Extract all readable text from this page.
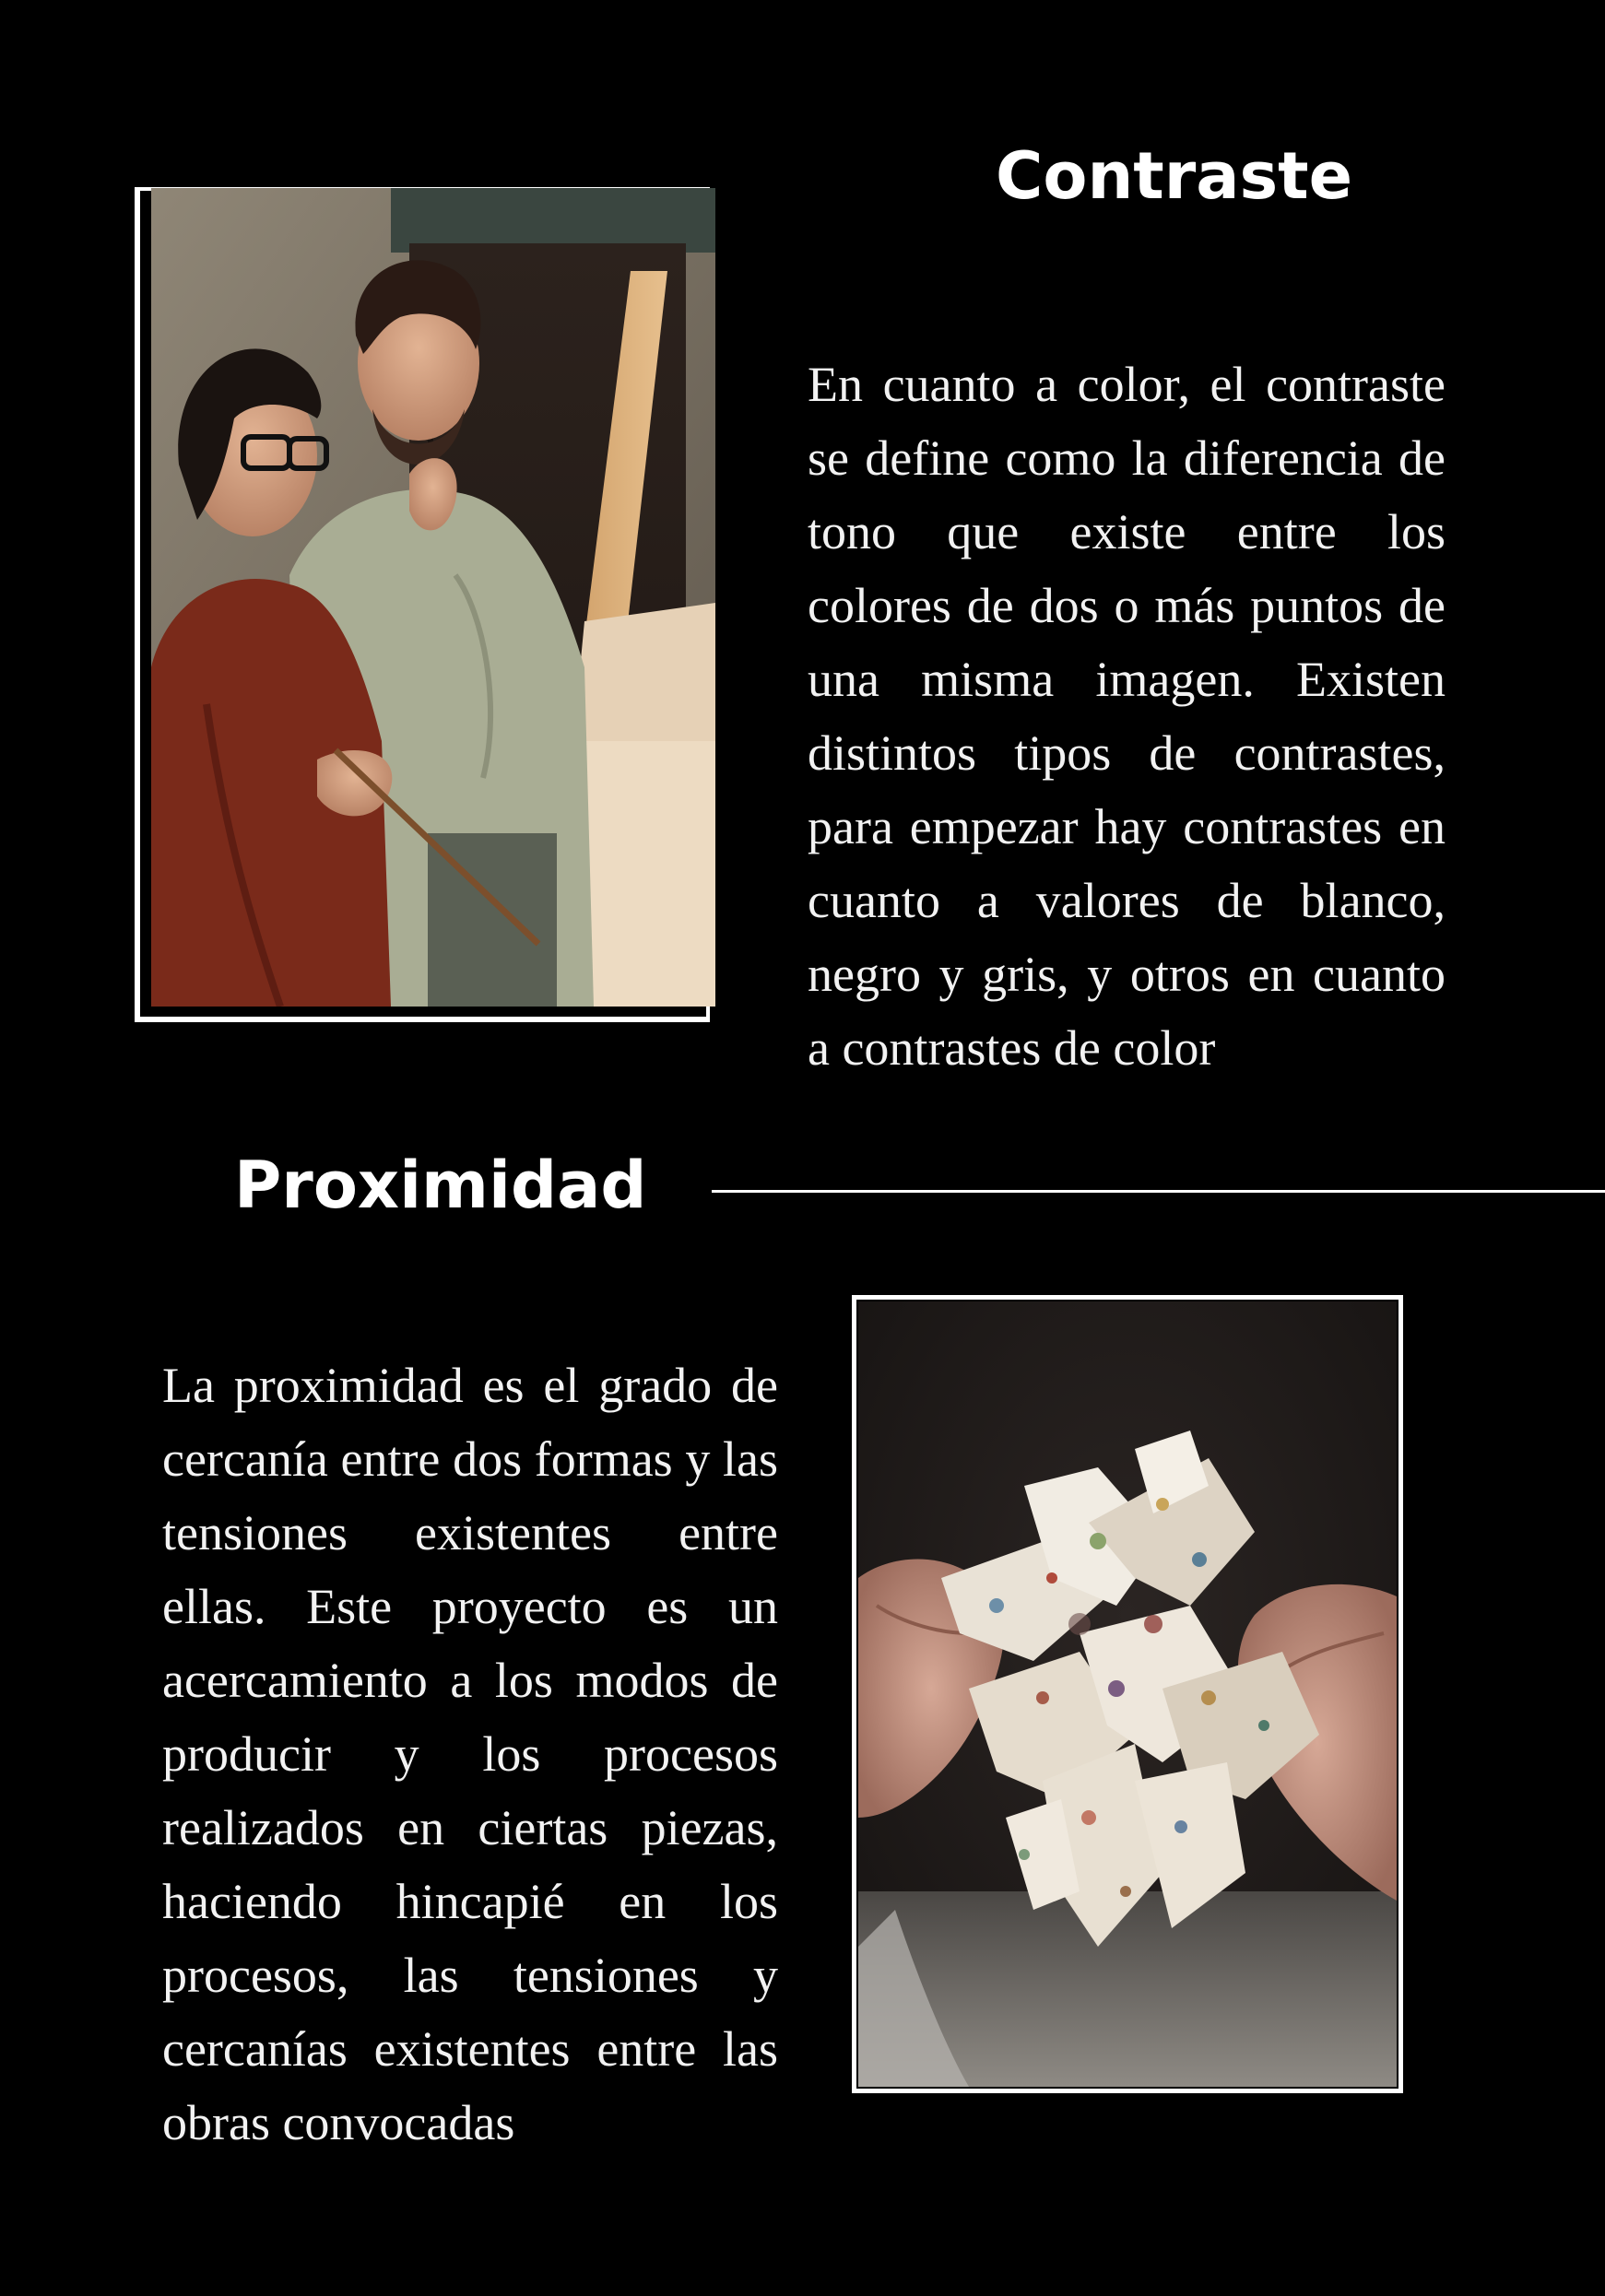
Contraste

En cuanto a color, el contraste se define como la diferencia de tono que existe entre los colores de dos o más puntos de una misma imagen. Existen distintos tipos de contrastes, para empezar hay contrastes en cuanto a valores de blanco, negro y gris, y otros en cuanto a contrastes de color

Proximidad

La proximidad es el grado de cercanía entre dos formas y las tensiones existentes entre ellas. Este proyecto es un acercamiento a los modos de producir y los procesos realizados en ciertas piezas, haciendo hincapié en los procesos, las tensiones y cercanías existentes entre las obras convocadas
